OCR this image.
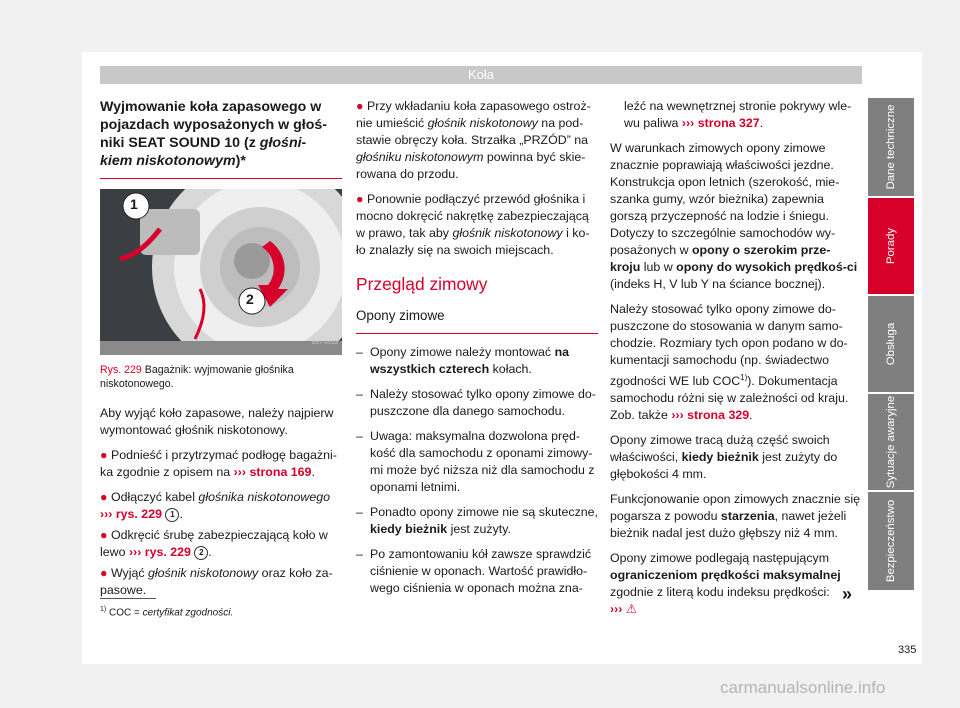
Koła
Wyjmowanie koła zapasowego w
pojazdach wyposażonych w głoś-
niki SEAT SOUND 10 (z głośni-
kiem niskotonowym)*
1
2
B57-0033
Rys. 229 Bagażnik: wyjmowanie głośnika niskotonowego.

Aby wyjąć koło zapasowe, należy najpierw wymontować głośnik niskotonowy.

● Podnieść i przytrzymać podłogę bagażni-ka zgodnie z opisem na ››› strona 169.

● Odłączyć kabel głośnika niskotonowego
››› rys. 229 1 .

● Odkręcić śrubę zabezpieczającą koło w lewo ››› rys. 229 2 .

● Wyjąć głośnik niskotonowy oraz koło za-pasowe.

● Przy wkładaniu koła zapasowego ostroż-nie umieścić głośnik niskotonowy na pod-stawie obręczy koła. Strzałka „PRZÓD” na głośniku niskotonowym powinna być skie-rowana do przodu.

● Ponownie podłączyć przewód głośnika i mocno dokręcić nakrętkę zabezpieczającą w prawo, tak aby głośnik niskotonowy i ko-ło znalazły się na swoich miejscach.

Przegląd zimowy
Opony zimowe
– Opony zimowe należy montować na wszystkich czterech kołach.
– Należy stosować tylko opony zimowe do-puszczone dla danego samochodu.
– Uwaga: maksymalna dozwolona pręd-kość dla samochodu z oponami zimowy-mi może być niższa niż dla samochodu z oponami letnimi.
– Ponadto opony zimowe nie są skuteczne, kiedy bieżnik jest zużyty.
– Po zamontowaniu kół zawsze sprawdzić ciśnienie w oponach. Wartość prawidło-wego ciśnienia w oponach można zna-

leźć na wewnętrznej stronie pokrywy wle-wu paliwa ››› strona 327.

W warunkach zimowych opony zimowe znacznie poprawiają właściwości jezdne. Konstrukcja opon letnich (szerokość, mie-szanka gumy, wzór bieżnika) zapewnia gorszą przyczepność na lodzie i śniegu. Dotyczy to szczególnie samochodów wy-posażonych w opony o szerokim prze-kroju lub w opony do wysokich prędkoś-ci (indeks H, V lub Y na ściance bocznej).

Należy stosować tylko opony zimowe do-puszczone do stosowania w danym samo-chodzie. Rozmiary tych opon podano w do-kumentacji samochodu (np. świadectwo zgodności WE lub COC$^{1)}$). Dokumentacja samochodu różni się w zależności od kraju. Zob. także ››› strona 329.

Opony zimowe tracą dużą część swoich właściwości, kiedy bieżnik jest zużyty do głębokości 4 mm.

Funkcjonowanie opon zimowych znacznie się pogarsza z powodu starzenia, nawet jeżeli bieżnik nadal jest dużo głębszy niż 4 mm.

Opony zimowe podlegają następującym ograniczeniom prędkości maksymalnej zgodnie z literą kodu indeksu prędkości:
››› ⚠

»
Dane techniczne
Porady
Obsługa
Sytuacje awaryjne
Bezpieczeństwo
$^{1)}$ COC = certyfikat zgodności.
335
carmanualsonline.info
